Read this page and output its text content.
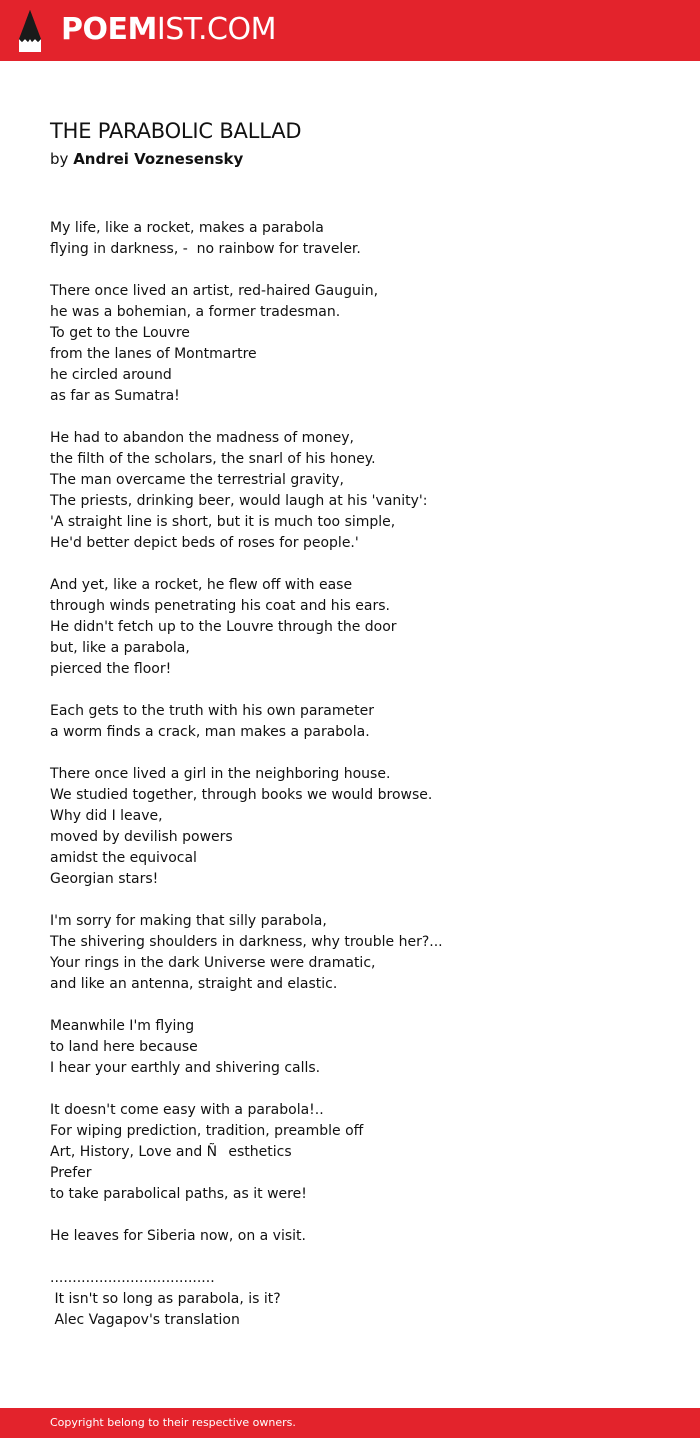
POEMIST.COM
THE PARABOLIC BALLAD
by Andrei Voznesensky
My life, like a rocket, makes a parabola
flying in darkness, -  no rainbow for traveler.
There once lived an artist, red-haired Gauguin,
he was a bohemian, a former tradesman.
To get to the Louvre
from the lanes of Montmartre
he circled around
as far as Sumatra!
He had to abandon the madness of money,
the filth of the scholars, the snarl of his honey.
The man overcame the terrestrial gravity,
The priests, drinking beer, would laugh at his 'vanity':
'A straight line is short, but it is much too simple,
He'd better depict beds of roses for people.'
And yet, like a rocket, he flew off with ease
through winds penetrating his coat and his ears.
He didn't fetch up to the Louvre through the door
but, like a parabola,
pierced the floor!
Each gets to the truth with his own parameter
a worm finds a crack, man makes a parabola.
There once lived a girl in the neighboring house.
We studied together, through books we would browse.
Why did I leave,
moved by devilish powers
amidst the equivocal
Georgian stars!
I'm sorry for making that silly parabola,
The shivering shoulders in darkness, why trouble her?...
Your rings in the dark Universe were dramatic,
and like an antenna, straight and elastic.
Meanwhile I'm flying
to land here because
I hear your earthly and shivering calls.
It doesn't come easy with a parabola!..
For wiping prediction, tradition, preamble off
Art, History, Love and Ñesthetics
Prefer
to take parabolical paths, as it were!
He leaves for Siberia now, on a visit.
.....................................
It isn't so long as parabola, is it?
Alec Vagapov's translation
Copyright belong to their respective owners.
